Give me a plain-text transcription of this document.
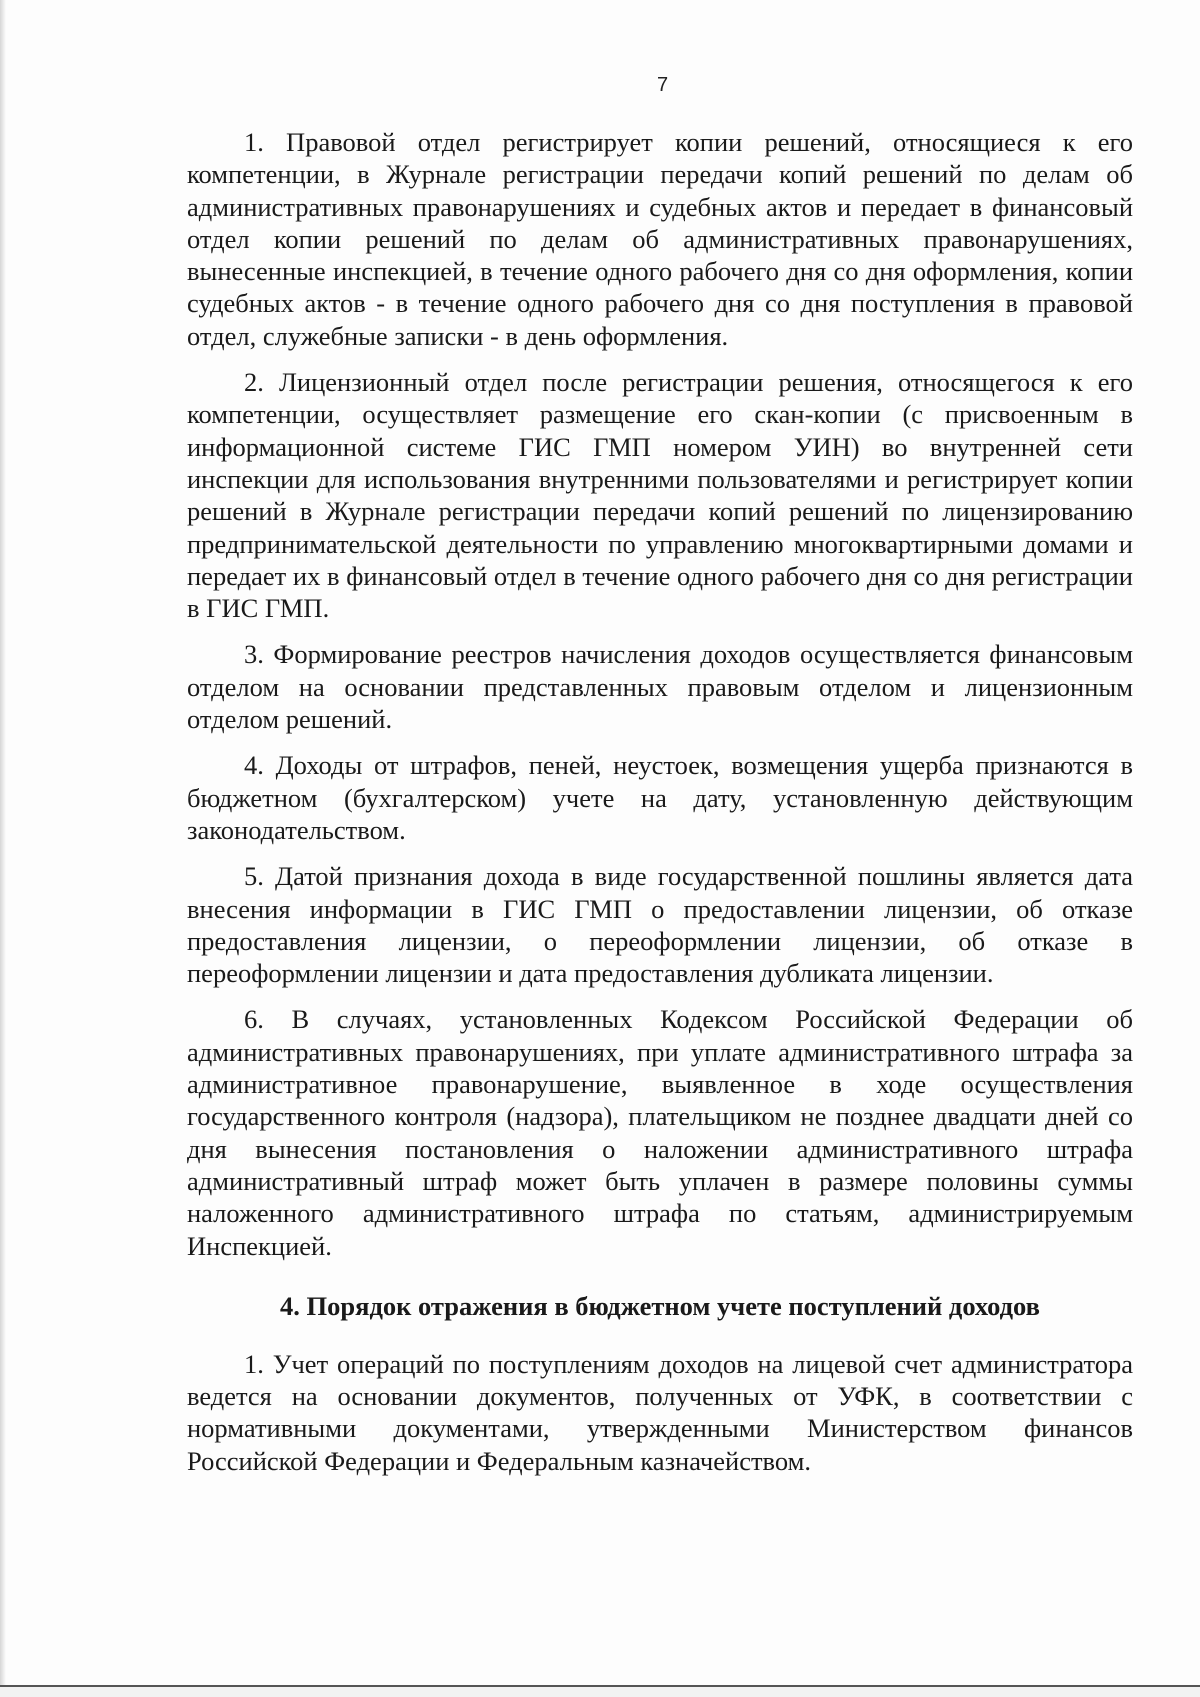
7

1. Правовой отдел регистрирует копии решений, относящиеся к его компетенции, в Журнале регистрации передачи копий решений по делам об административных правонарушениях и судебных актов и передает в финансовый отдел копии решений по делам об административных правонарушениях, вынесенные инспекцией, в течение одного рабочего дня со дня оформления, копии судебных актов - в течение одного рабочего дня со дня поступления в правовой отдел, служебные записки - в день оформления.

2. Лицензионный отдел после регистрации решения, относящегося к его компетенции, осуществляет размещение его скан-копии (с присвоенным в информационной системе ГИС ГМП номером УИН) во внутренней сети инспекции для использования внутренними пользователями и регистрирует копии решений в Журнале регистрации передачи копий решений по лицензированию предпринимательской деятельности по управлению многоквартирными домами и передает их в финансовый отдел в течение одного рабочего дня со дня регистрации в ГИС ГМП.

3. Формирование реестров начисления доходов осуществляется финансовым отделом на основании представленных правовым отделом и лицензионным отделом решений.

4. Доходы от штрафов, пеней, неустоек, возмещения ущерба признаются в бюджетном (бухгалтерском) учете на дату, установленную действующим законодательством.

5. Датой признания дохода в виде государственной пошлины является дата внесения информации в ГИС ГМП о предоставлении лицензии, об отказе предоставления лицензии, о переоформлении лицензии, об отказе в переоформлении лицензии и дата предоставления дубликата лицензии.

6. В случаях, установленных Кодексом Российской Федерации об административных правонарушениях, при уплате административного штрафа за административное правонарушение, выявленное в ходе осуществления государственного контроля (надзора), плательщиком не позднее двадцати дней со дня вынесения постановления о наложении административного штрафа административный штраф может быть уплачен в размере половины суммы наложенного административного штрафа по статьям, администрируемым Инспекцией.

4. Порядок отражения в бюджетном учете поступлений доходов

1. Учет операций по поступлениям доходов на лицевой счет администратора ведется на основании документов, полученных от УФК, в соответствии с нормативными документами, утвержденными Министерством финансов Российской Федерации и Федеральным казначейством.
